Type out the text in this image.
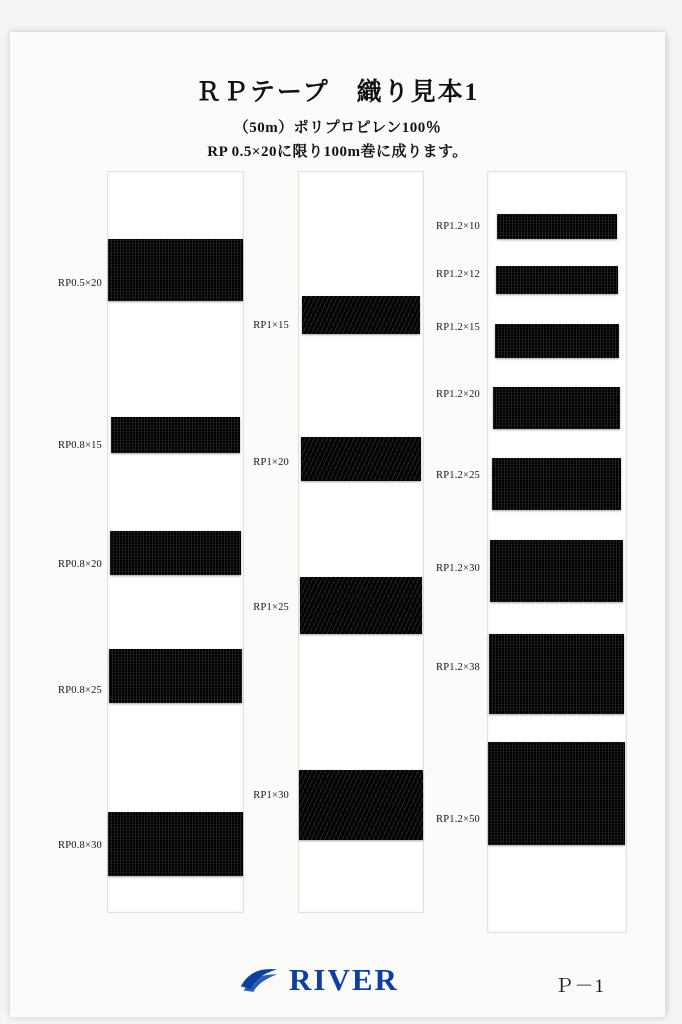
ＲＰテープ　織り見本1
（50m）ポリプロピレン100％
RP 0.5×20に限り100m巻に成ります。
RP0.5×20
RP0.8×15
RP0.8×20
RP0.8×25
RP0.8×30
RP1×15
RP1×20
RP1×25
RP1×30
RP1.2×10
RP1.2×12
RP1.2×15
RP1.2×20
RP1.2×25
RP1.2×30
RP1.2×38
RP1.2×50
RIVER	Ｐ－1
